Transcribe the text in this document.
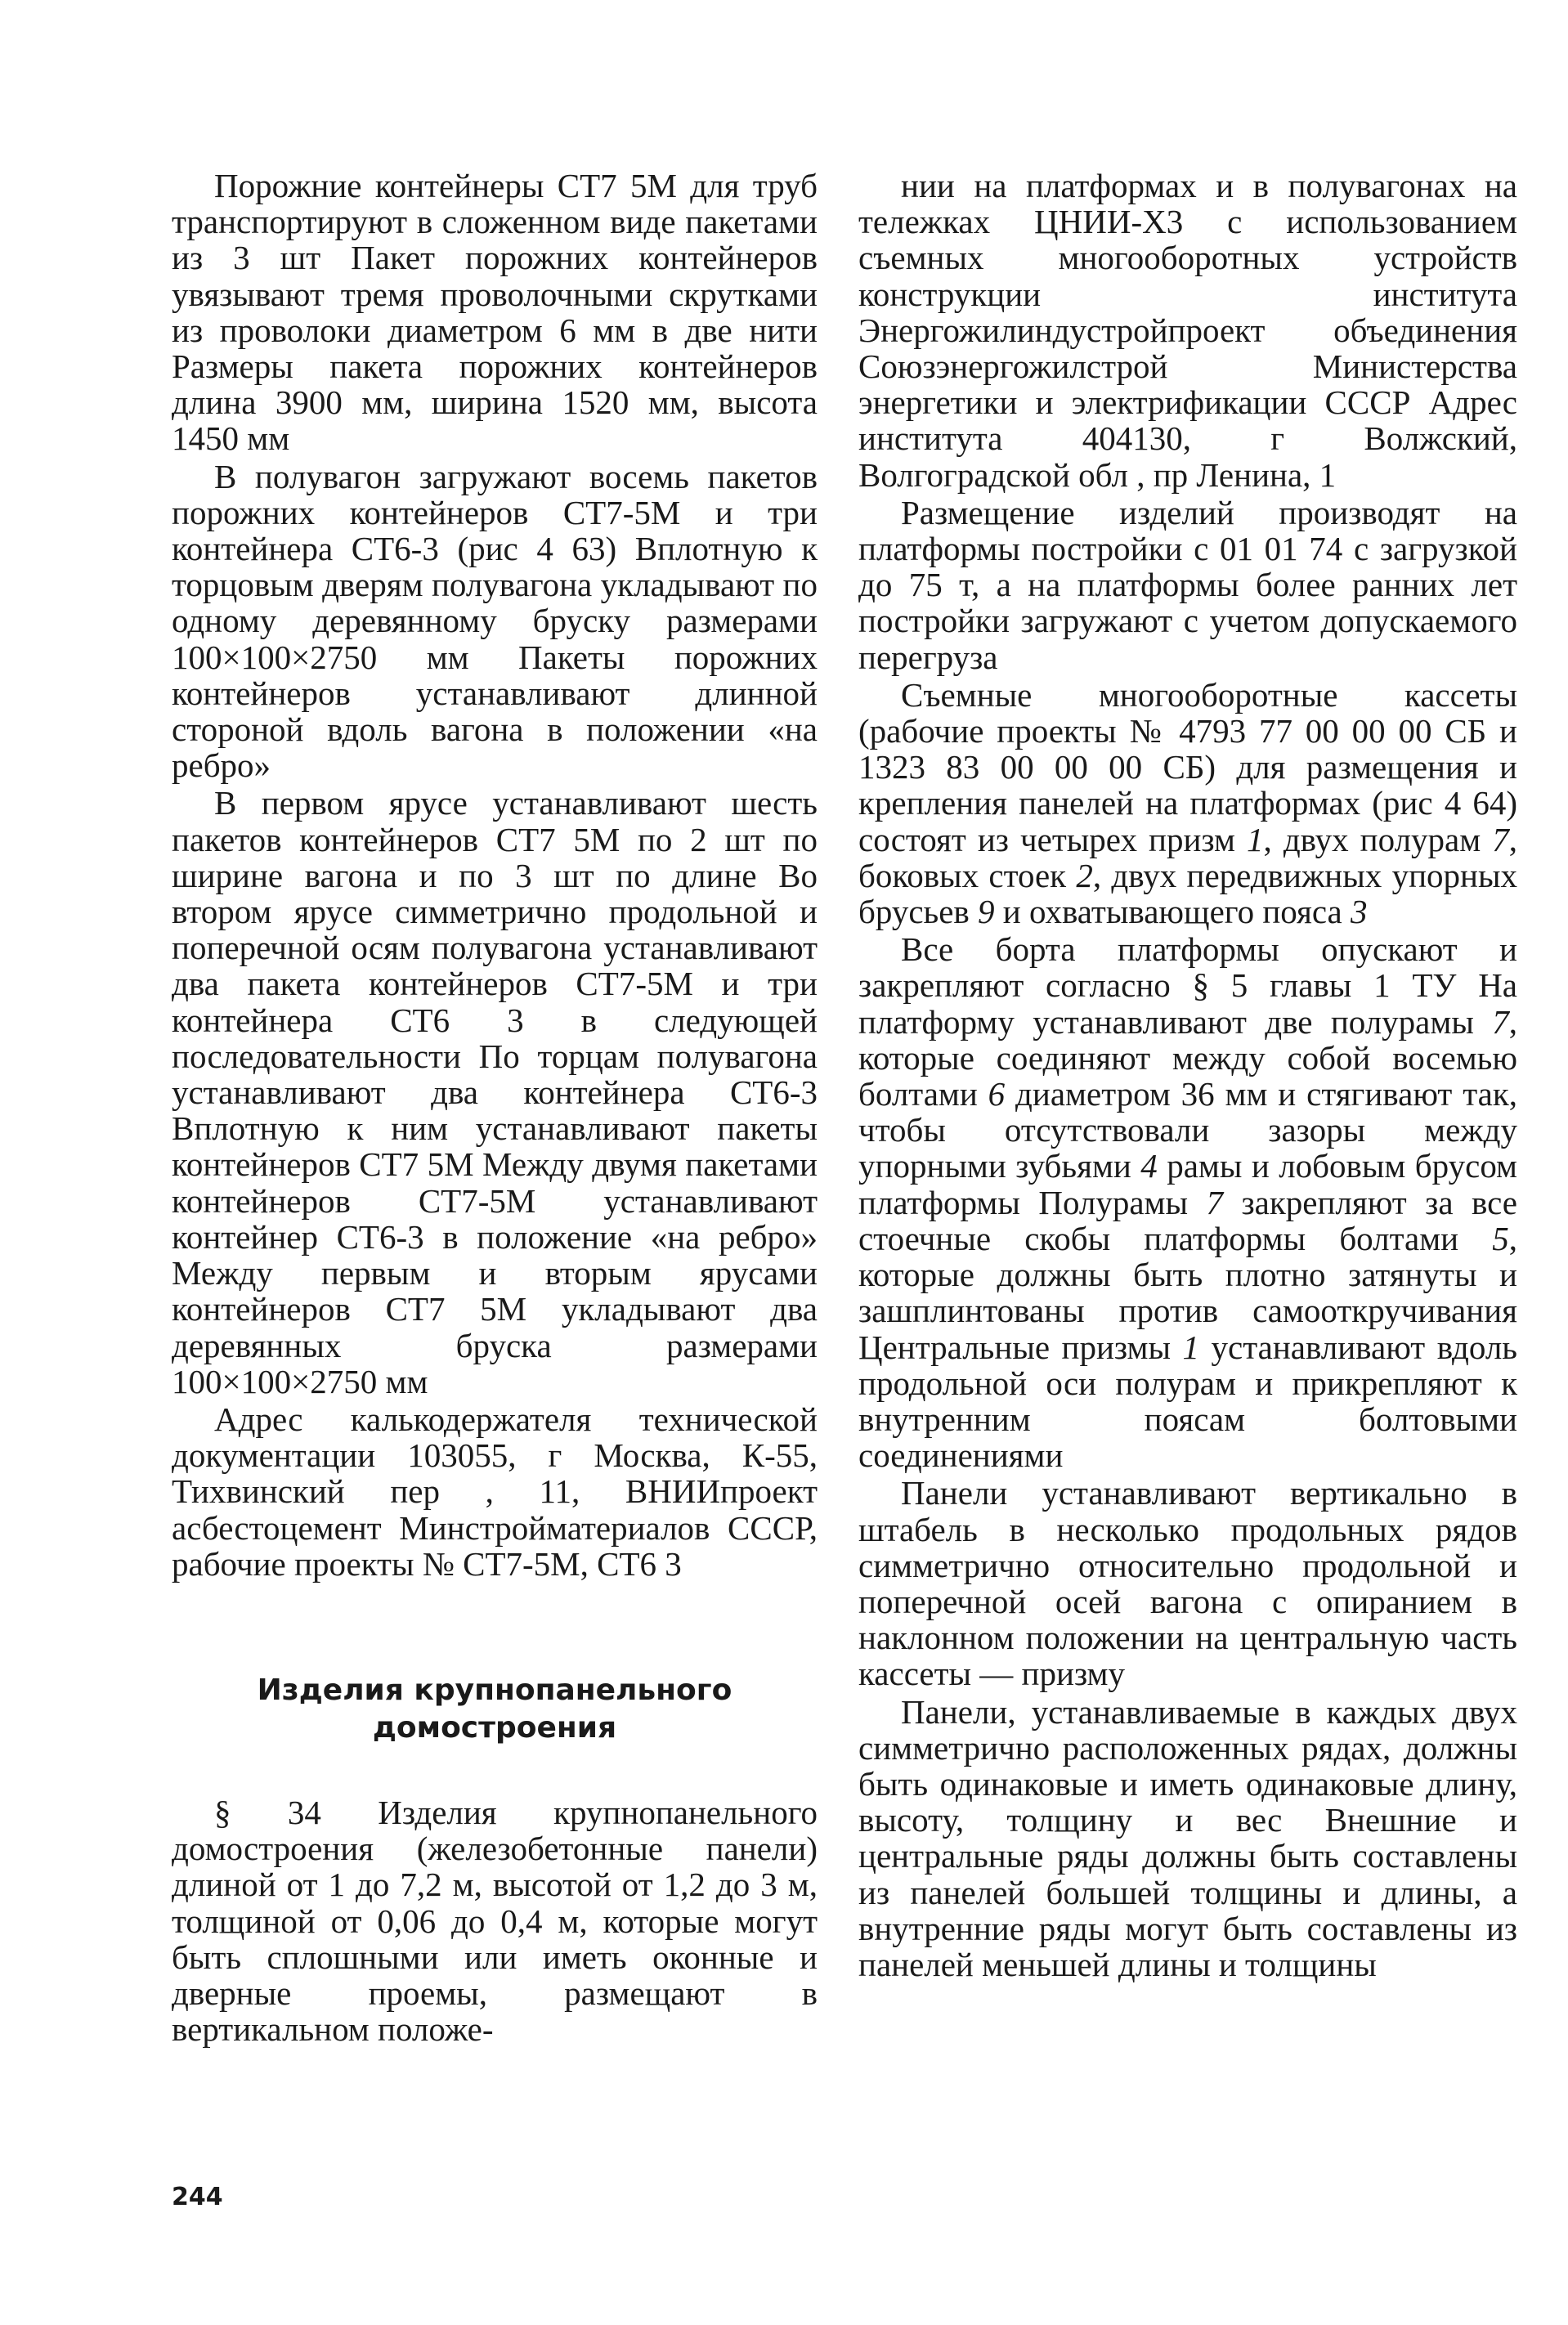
Порожние контейнеры СТ7 5М для труб транспортируют в сложенном виде пакетами из 3 шт Пакет порожних контейнеров увязывают тремя проволочными скрутками из проволоки диаметром 6 мм в две нити Размеры пакета порожних контейнеров длина 3900 мм, ширина 1520 мм, высота 1450 мм

В полувагон загружают восемь пакетов порожних контейнеров СТ7-5М и три контейнера СТ6-3 (рис 4 63) Вплотную к торцовым дверям полувагона укладывают по одному деревянному бруску размерами 100×100×2750 мм Пакеты порожних контейнеров устанавливают длинной стороной вдоль вагона в положении «на ребро»

В первом ярусе устанавливают шесть пакетов контейнеров СТ7 5М по 2 шт по ширине вагона и по 3 шт по длине Во втором ярусе симметрично продольной и поперечной осям полувагона устанавливают два пакета контейнеров СТ7-5М и три контейнера СТ6 3 в следующей последовательности По торцам полувагона устанавливают два контейнера СТ6-3 Вплотную к ним устанавливают пакеты контейнеров СТ7 5М Между двумя пакетами контейнеров СТ7-5М устанавливают контейнер СТ6-3 в положение «на ребро» Между первым и вторым ярусами контейнеров СТ7 5М укладывают два деревянных бруска размерами 100×100×2750 мм

Адрес калькодержателя технической документации 103055, г Москва, К-55, Тихвинский пер , 11, ВНИИпроект асбестоцемент Минстройматериалов СССР, рабочие проекты № СТ7-5М, СТ6 3

Изделия крупнопанельного
домостроения

§ 34 Изделия крупнопанельного домостроения (железобетонные панели) длиной от 1 до 7,2 м, высотой от 1,2 до 3 м, толщиной от 0,06 до 0,4 м, которые могут быть сплошными или иметь оконные и дверные проемы, размещают в вертикальном положе-

нии на платформах и в полувагонах на тележках ЦНИИ-Х3 с использованием съемных многооборотных устройств конструкции института Энергожилиндустройпроект объединения Союзэнергожилстрой Министерства энергетики и электрификации СССР Адрес института 404130, г Волжский, Волгоградской обл , пр Ленина, 1

Размещение изделий производят на платформы постройки с 01 01 74 с загрузкой до 75 т, а на платформы более ранних лет постройки загружают с учетом допускаемого перегруза

Съемные многооборотные кассеты (рабочие проекты № 4793 77 00 00 00 СБ и 1323 83 00 00 00 СБ) для размещения и крепления панелей на платформах (рис 4 64) состоят из четырех призм 1, двух полурам 7, боковых стоек 2, двух передвижных упорных брусьев 9 и охватывающего пояса 3

Все борта платформы опускают и закрепляют согласно § 5 главы 1 ТУ На платформу устанавливают две полурамы 7, которые соединяют между собой восемью болтами 6 диаметром 36 мм и стягивают так, чтобы отсутствовали зазоры между упорными зубьями 4 рамы и лобовым брусом платформы Полурамы 7 закрепляют за все стоечные скобы платформы болтами 5, которые должны быть плотно затянуты и зашплинтованы против самооткручивания Центральные призмы 1 устанавливают вдоль продольной оси полурам и прикрепляют к внутренним поясам болтовыми соединениями

Панели устанавливают вертикально в штабель в несколько продольных рядов симметрично относительно продольной и поперечной осей вагона с опиранием в наклонном положении на центральную часть кассеты — призму

Панели, устанавливаемые в каждых двух симметрично расположенных рядах, должны быть одинаковые и иметь одинаковые длину, высоту, толщину и вес Внешние и центральные ряды должны быть составлены из панелей большей толщины и длины, а внутренние ряды могут быть составлены из панелей меньшей длины и толщины

244
